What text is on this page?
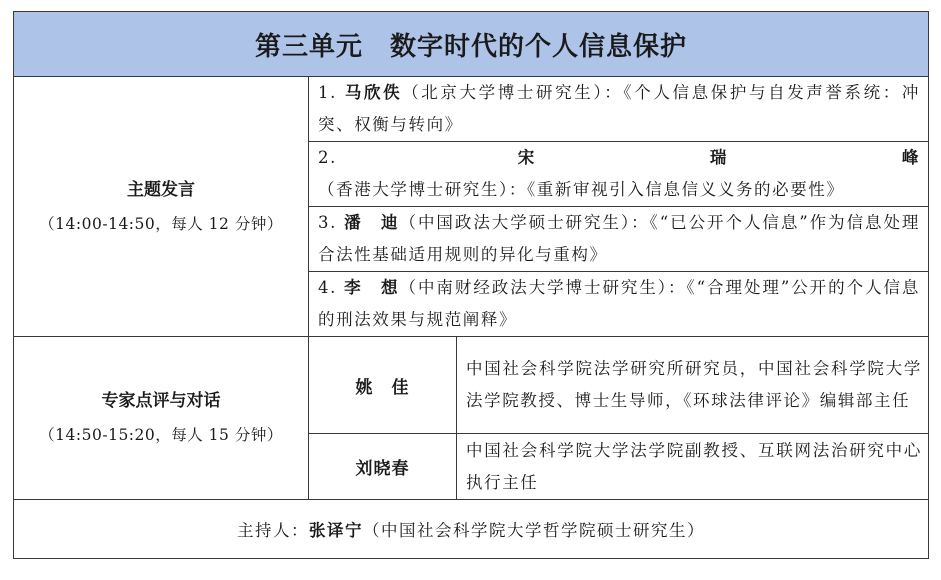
第三单元　数字时代的个人信息保护		

主题发言
（14:00-14:50，每人 12 分钟）	1. 马欣佚（北京大学博士研究生）：《个人信息保护与自发声誉系统：冲突、权衡与转向》	
	2. 宋瑞峰（香港大学博士研究生）：《重新审视引入信息信义义务的必要性》	
	3. 潘　迪（中国政法大学硕士研究生）：《“已公开个人信息”作为信息处理合法性基础适用规则的异化与重构》	
	4. 李　想（中南财经政法大学博士研究生）：《“合理处理”公开的个人信息的刑法效果与规范阐释》	

专家点评与对话
（14:50-15:20，每人 15 分钟）	姚　佳	中国社会科学院法学研究所研究员，中国社会科学院大学法学院教授、博士生导师，《环球法律评论》编辑部主任
	刘晓春	中国社会科学院大学法学院副教授、互联网法治研究中心执行主任
主持人：张译宁（中国社会科学院大学哲学院硕士研究生）		
